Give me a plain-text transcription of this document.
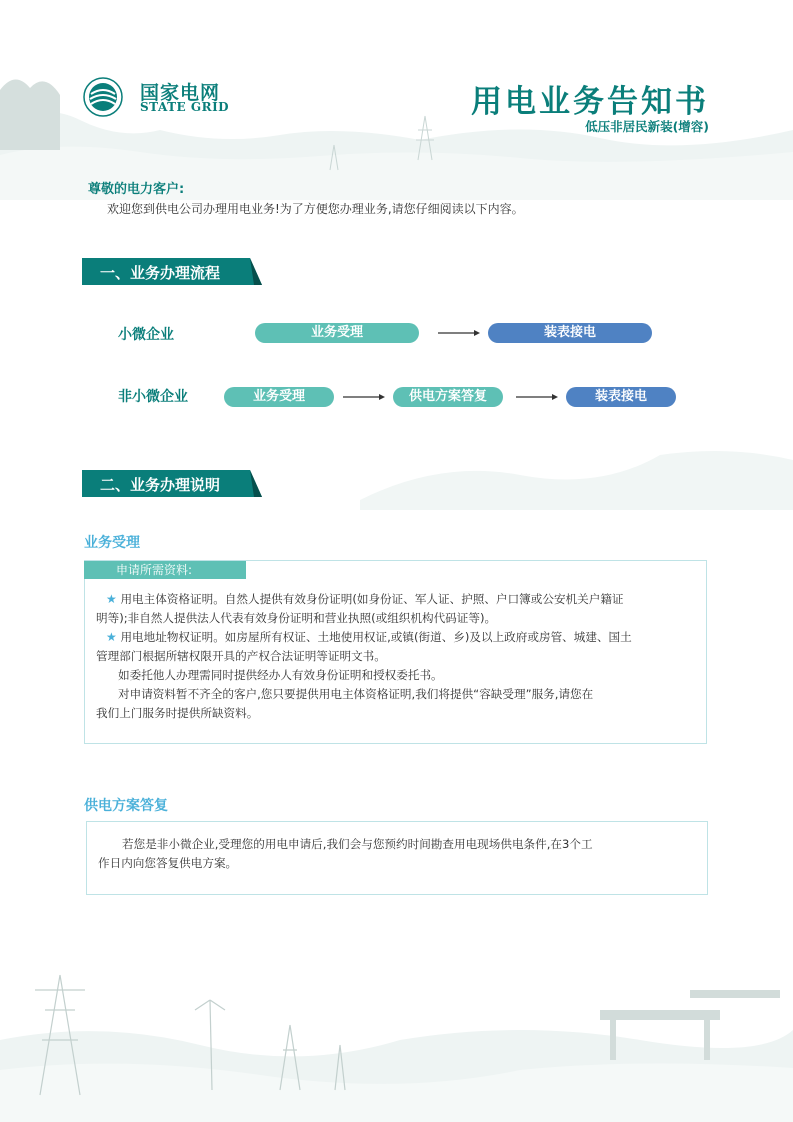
国家电网
STATE GRID	用电业务告知书
低压非居民新装(增容)
尊敬的电力客户:
欢迎您到供电公司办理用电业务!为了方便您办理业务,请您仔细阅读以下内容。
一、业务办理流程
小微企业	业务受理	装表接电
非小微企业	业务受理	供电方案答复	装表接电
二、业务办理说明
业务受理
申请所需资料:
★ 用电主体资格证明。自然人提供有效身份证明(如身份证、军人证、护照、户口簿或公安机关户籍证
明等);非自然人提供法人代表有效身份证明和营业执照(或组织机构代码证等)。
★ 用电地址物权证明。如房屋所有权证、土地使用权证,或镇(街道、乡)及以上政府或房管、城建、国土
管理部门根据所辖权限开具的产权合法证明等证明文书。
如委托他人办理需同时提供经办人有效身份证明和授权委托书。
对申请资料暂不齐全的客户,您只要提供用电主体资格证明,我们将提供“容缺受理”服务,请您在
我们上门服务时提供所缺资料。
供电方案答复
若您是非小微企业,受理您的用电申请后,我们会与您预约时间勘查用电现场供电条件,在3个工
作日内向您答复供电方案。
